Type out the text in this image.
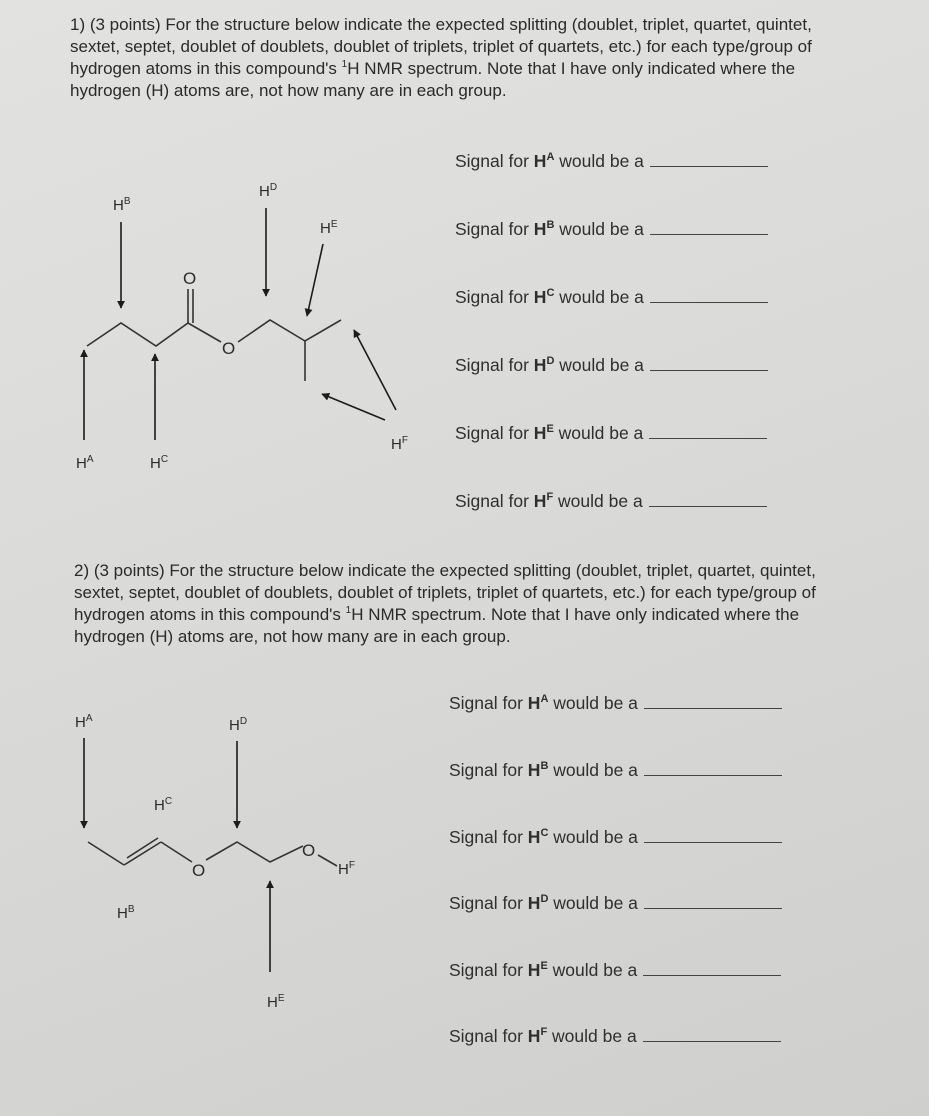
1) (3 points) For the structure below indicate the expected splitting (doublet, triplet, quartet, quintet, sextet, septet, doublet of doublets, doublet of triplets, triplet of quartets, etc.) for each type/group of hydrogen atoms in this compound's $^1$H NMR spectrum. Note that I have only indicated where the hydrogen (H) atoms are, not how many are in each group.

Signal for $H^A$ would be a
Signal for $H^B$ would be a
Signal for $H^C$ would be a
Signal for $H^D$ would be a
Signal for $H^E$ would be a
Signal for $H^F$ would be a
O
O
$H^B$
$H^D$
$H^E$
$H^A$	$H^C$
$H^F$

2) (3 points) For the structure below indicate the expected splitting (doublet, triplet, quartet, quintet, sextet, septet, doublet of doublets, doublet of triplets, triplet of quartets, etc.) for each type/group of hydrogen atoms in this compound's $^1$H NMR spectrum. Note that I have only indicated where the hydrogen (H) atoms are, not how many are in each group.

Signal for $H^A$ would be a
Signal for $H^B$ would be a
Signal for $H^C$ would be a
Signal for $H^D$ would be a
Signal for $H^E$ would be a
Signal for $H^F$ would be a
O
O
$H^A$	$H^D$
$H^C$
$H^B$
$H^F$
$H^E$
